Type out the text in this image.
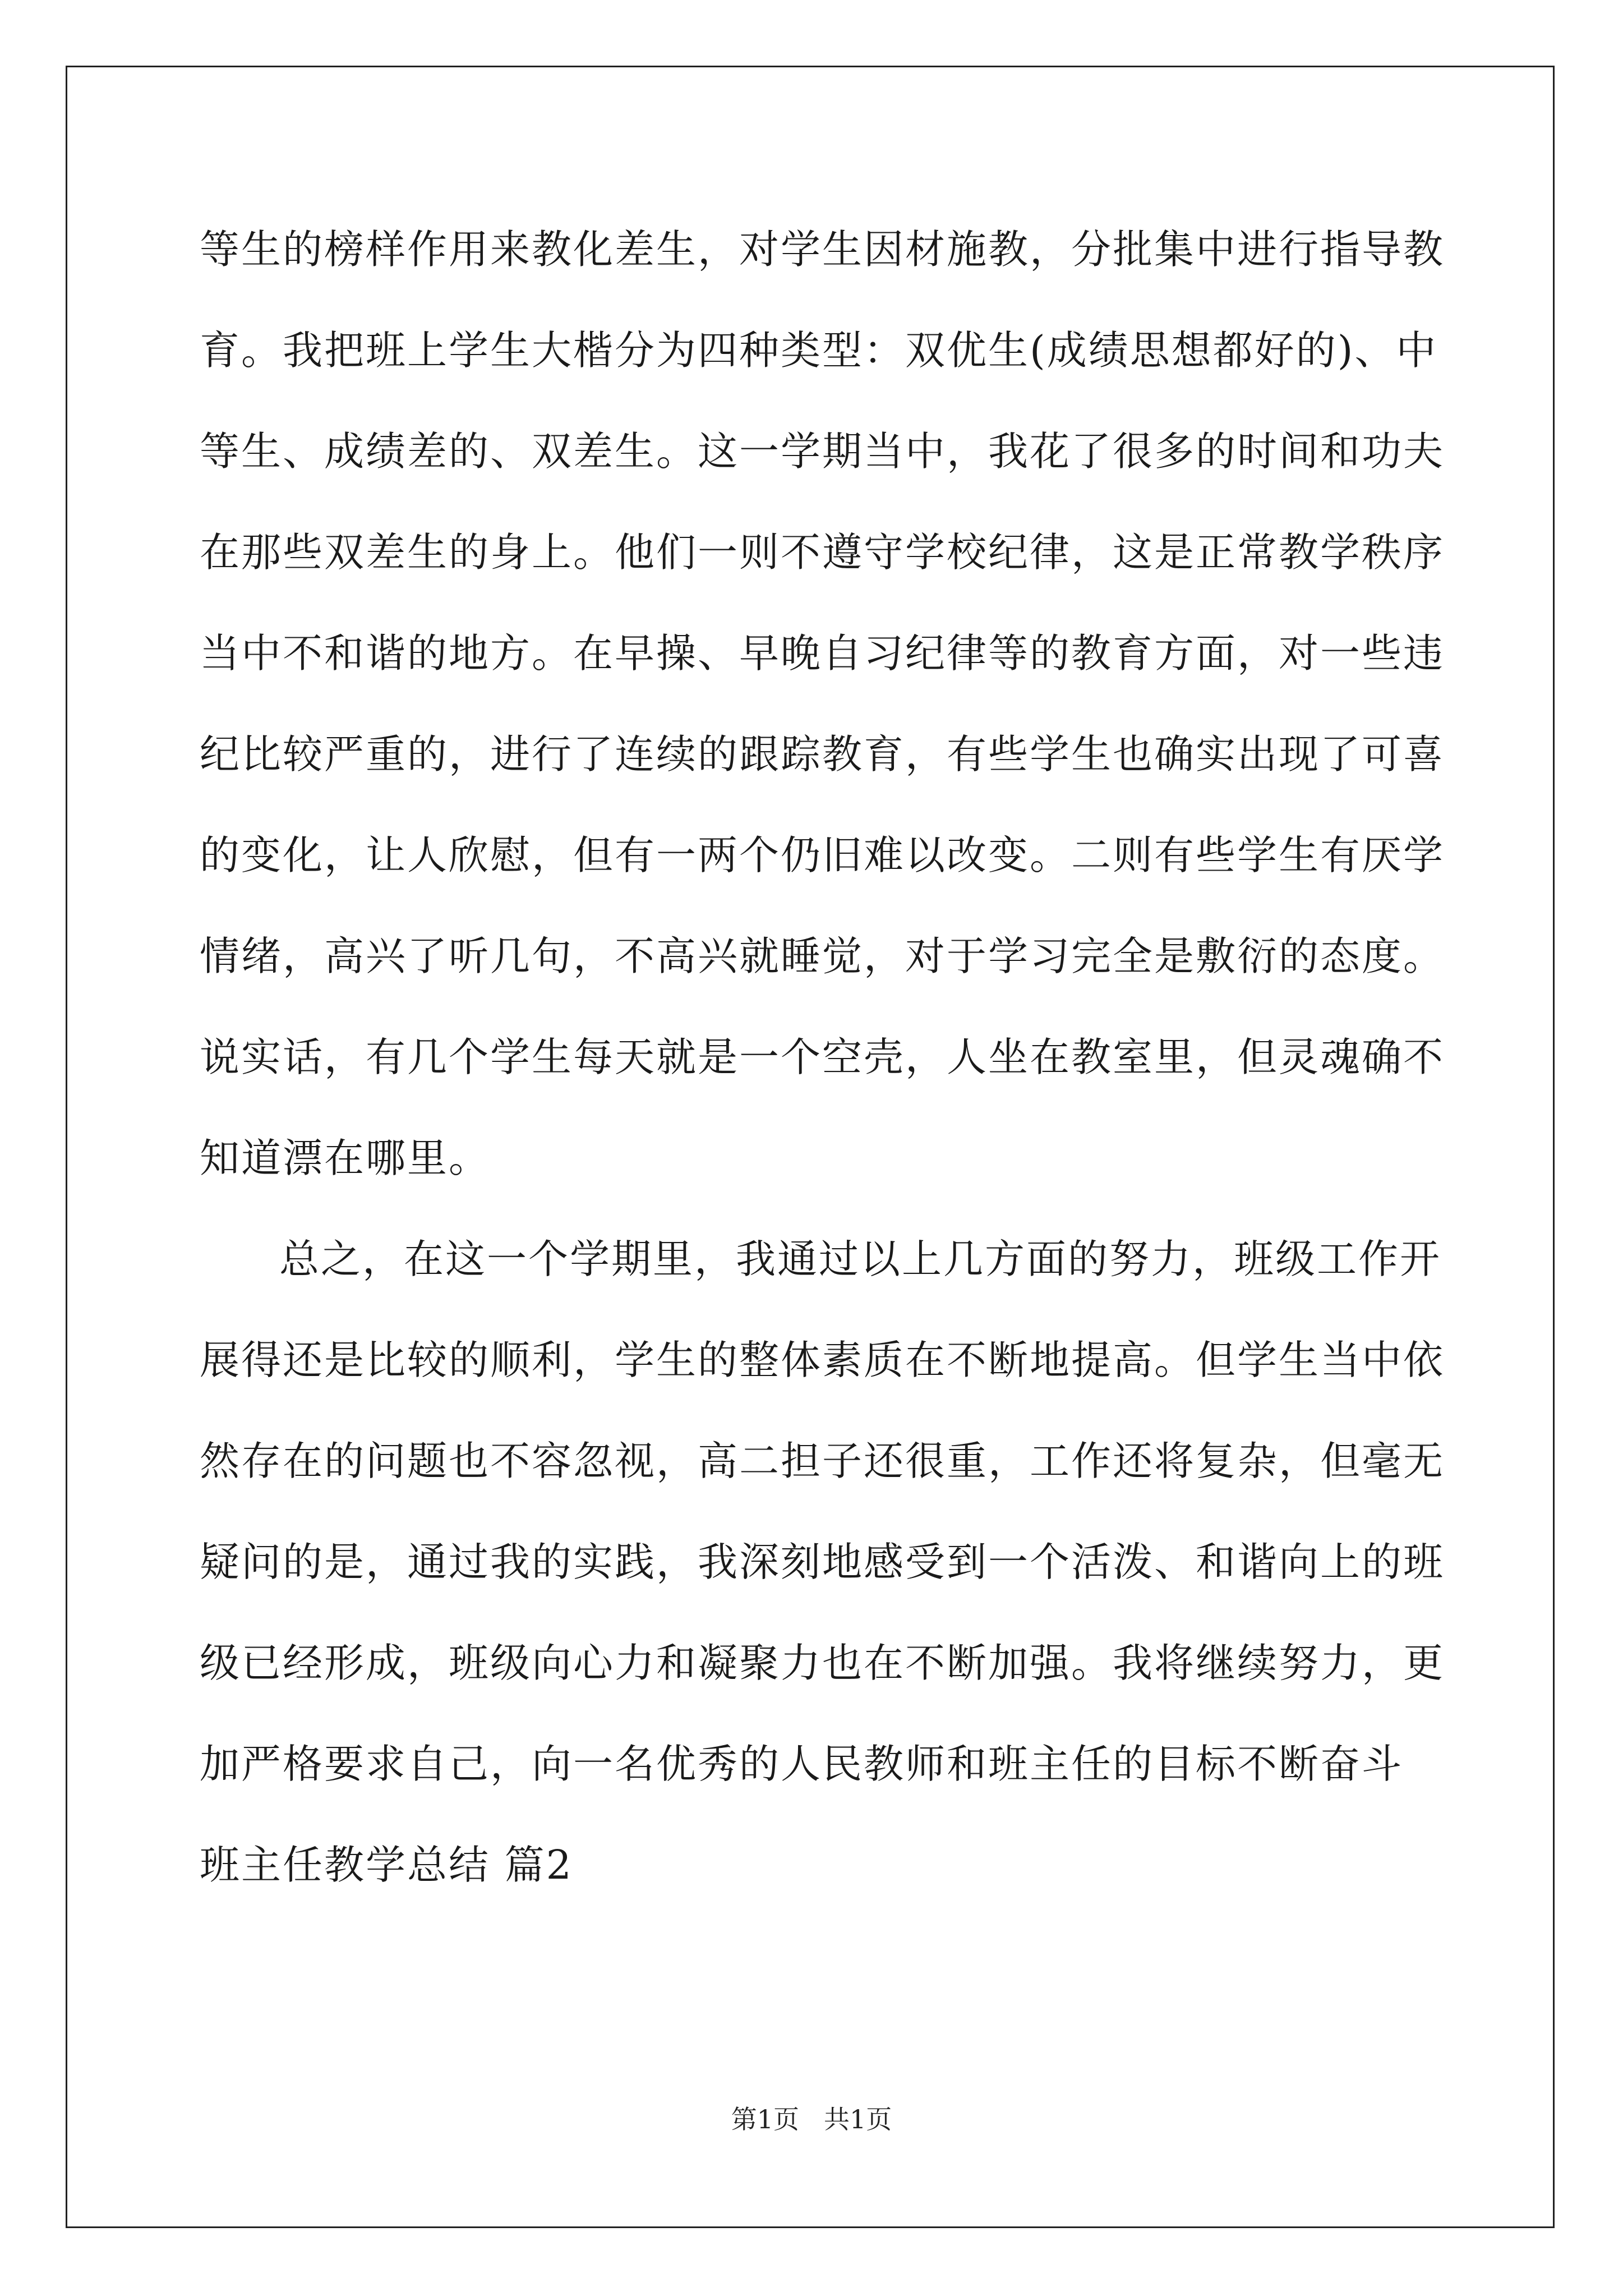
等生的榜样作用来教化差生，对学生因材施教，分批集中进行指导教
育。我把班上学生大楷分为四种类型：双优生(成绩思想都好的)、中
等生、成绩差的、双差生。这一学期当中，我花了很多的时间和功夫
在那些双差生的身上。他们一则不遵守学校纪律，这是正常教学秩序
当中不和谐的地方。在早操、早晚自习纪律等的教育方面，对一些违
纪比较严重的，进行了连续的跟踪教育，有些学生也确实出现了可喜
的变化，让人欣慰，但有一两个仍旧难以改变。二则有些学生有厌学
情绪，高兴了听几句，不高兴就睡觉，对于学习完全是敷衍的态度。
说实话，有几个学生每天就是一个空壳，人坐在教室里，但灵魂确不
知道漂在哪里。
总之，在这一个学期里，我通过以上几方面的努力，班级工作开
展得还是比较的顺利，学生的整体素质在不断地提高。但学生当中依
然存在的问题也不容忽视，高二担子还很重，工作还将复杂，但毫无
疑问的是，通过我的实践，我深刻地感受到一个活泼、和谐向上的班
级已经形成，班级向心力和凝聚力也在不断加强。我将继续努力，更
加严格要求自己，向一名优秀的人民教师和班主任的目标不断奋斗
班主任教学总结 篇2
第1页 共1页
